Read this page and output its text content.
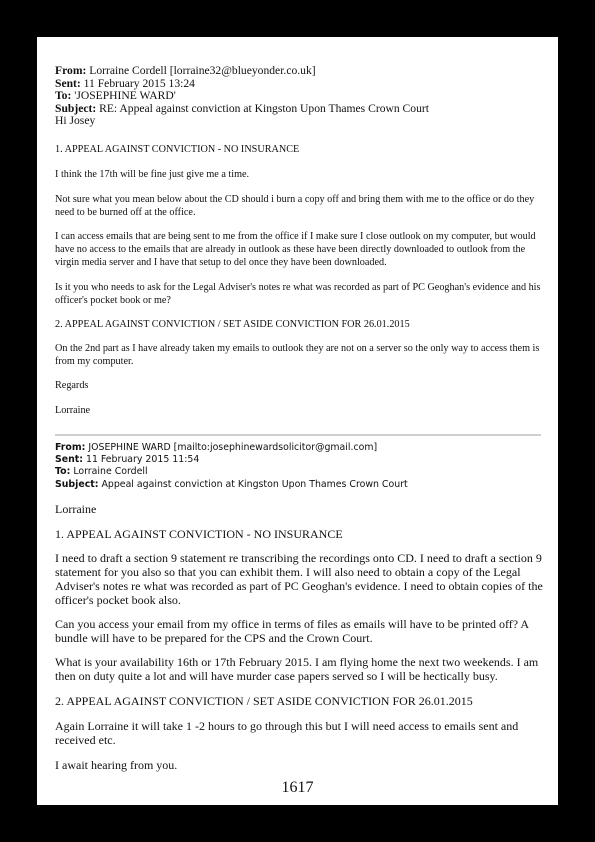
From: Lorraine Cordell [lorraine32@blueyonder.co.uk]
Sent: 11 February 2015 13:24
To: 'JOSEPHINE WARD'
Subject: RE: Appeal against conviction at Kingston Upon Thames Crown Court
Hi Josey

1. APPEAL AGAINST CONVICTION - NO INSURANCE

I think the 17th will be fine just give me a time.

Not sure what you mean below about the CD should i burn a copy off and bring them with me to the office or do they need to be burned off at the office.

I can access emails that are being sent to me from the office if I make sure I close outlook on my computer, but would have no access to the emails that are already in outlook as these have been directly downloaded to outlook from the virgin media server and I have that setup to del once they have been downloaded.

Is it you who needs to ask for the Legal Adviser's notes re what was recorded as part of PC Geoghan's evidence and his officer's pocket book or me?

2. APPEAL AGAINST CONVICTION / SET ASIDE CONVICTION FOR 26.01.2015

On the 2nd part as I have already taken my emails to outlook they are not on a server so the only way to access them is from my computer.

Regards

Lorraine

From: JOSEPHINE WARD [mailto:josephinewardsolicitor@gmail.com]
Sent: 11 February 2015 11:54
To: Lorraine Cordell
Subject: Appeal against conviction at Kingston Upon Thames Crown Court

Lorraine

1. APPEAL AGAINST CONVICTION - NO INSURANCE

I need to draft a section 9 statement re transcribing the recordings onto CD. I need to draft a section 9 statement for you also so that you can exhibit them. I will also need to obtain a copy of the Legal Adviser's notes re what was recorded as part of PC Geoghan's evidence. I need to obtain copies of the officer's pocket book also.

Can you access your email from my office in terms of files as emails will have to be printed off? A bundle will have to be prepared for the CPS and the Crown Court.

What is your availability 16th or 17th February 2015. I am flying home the next two weekends. I am then on duty quite a lot and will have murder case papers served so I will be hectically busy.

2. APPEAL AGAINST CONVICTION / SET ASIDE CONVICTION FOR 26.01.2015

Again Lorraine it will take 1 -2 hours to go through this but I will need access to emails sent and received etc.

I await hearing from you.

1617
